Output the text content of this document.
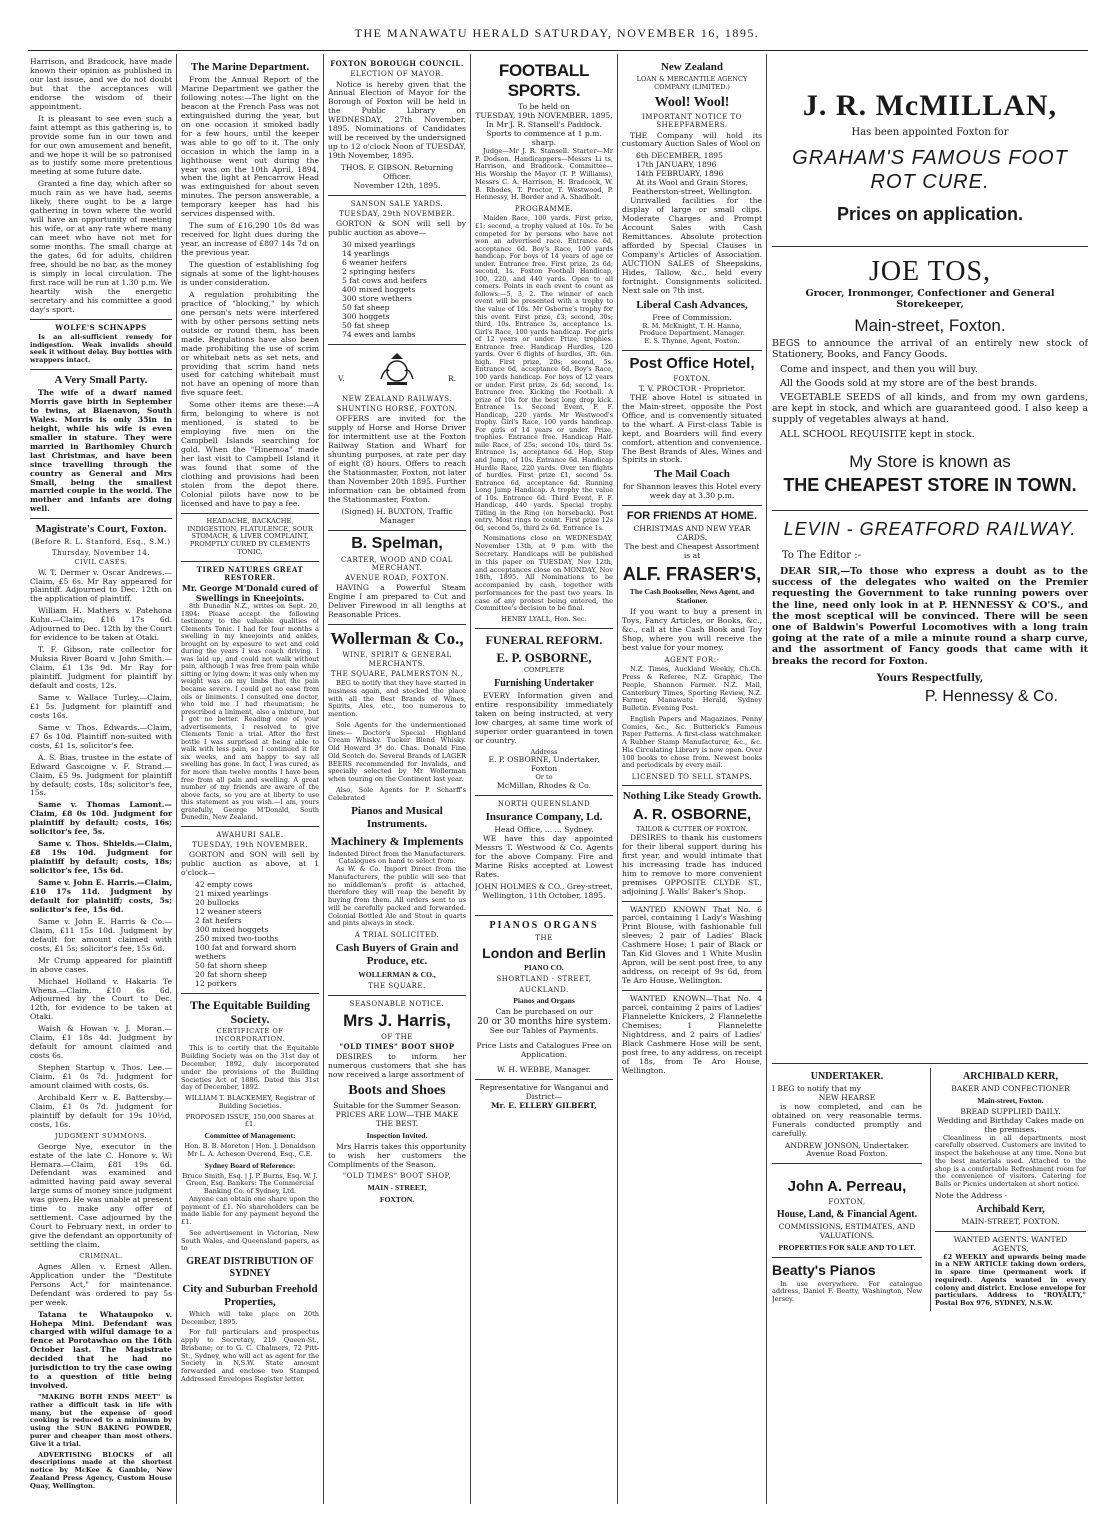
THE MANAWATU HERALD SATURDAY, NOVEMBER 16, 1895.

Harrison, and Bradcock, have made known their opinion as published in our last issue, and we do not doubt but that the acceptances will endorse the wisdom of their appointment.

It is pleasant to see even such a faint attempt as this gathering is, to provide some fun in our town and for our own amusement and benefit, and we hope it will be so patronised as to justify some more pretentious meeting at some future date.

Granted a fine day, which after so much rain as we have had, seems likely, there ought to be a large gathering in town where the world will have an opportunity of meeting his wife, or at any rate where many can meet who have not met for some months. The small charge at the gates, 6d for adults, children free, should be no bar, as the money is simply in local circulation. The first race will be run at 1.30 p.m. We heartily wish the energetic secretary and his committee a good day's sport.

WOLFE'S SCHNAPPS

Is an all-sufficient remedy for indigestion. Weak invalids should seek it without delay. Buy bottles with wrappers intact.

A Very Small Party.

The wife of a dwarf named Morris gave birth in September to twins, at Blaenavon, South Wales. Morris is only 35in in height, while his wife is even smaller in stature. They were married in Barthomley Church last Christmas, and have been since travelling through the country as General and Mrs Small, being the smallest married couple in the world. The mother and infants are doing well.

Magistrate's Court, Foxton.
(Before R. L. Stanford, Esq., S.M.)
Thursday, November 14.
CIVIL CASES.

W. T. Dermer v. Oscar Andrews.—Claim, £5 6s. Mr Ray appeared for plaintiff. Adjourned to Dec. 12th on the application of plaintiff.

William H. Mathers v. Patehona Kuhu.—Claim, £16 17s 6d. Adjourned to Dec. 12th by the Court for evidence to be taken at Otaki.

T. F. Gibson, rate collector for Muksia River Board v. John Smith.—Claim, £1 13s 9d. Mr Ray for plaintiff. Judgment for plaintiff by default and costs, 12s.

Same v. Wallace Turley.—Claim, £1 5s. Judgment for plaintiff and costs 16s.

Same v. Thos. Edwards.—Claim, £7 6s 10d. Plaintiff non-suited with costs, £1 1s, solicitor's fee.

A. S. Bias, trustee in the estate of Edward Gascoigne v. F. Strand.—Claim, £5 9s. Judgment for plaintiff by default; costs, 18s; solicitor's fee, 15s.

Same v. Thomas Lamont.—Claim, £8 0s 10d. Judgment for plaintiff by default; costs, 16s; solicitor's fee, 5s.

Same v. Thos. Shields.—Claim, £8 19s 10d. Judgment for plaintiff by default; costs, 18s; solicitor's fee, 15s 6d.

Same v. John E. Harris.—Claim, £10 17s 11d. Judgment by default for plaintiff; costs, 5s; solicitor's fee, 15s 6d.

Same v. John E. Harris & Co.—Claim, £11 15s 10d. Judgment by default for amount claimed with costs, £1 5s; solicitor's fee, 15s 6d.

Mr Crump appeared for plaintiff in above cases.

Michael Holland v. Hakaria Te Whena.—Claim, £10 6s 6d. Adjourned by the Court to Dec. 12th, for evidence to be taken at Otaki.

Walsh & Howan v. J. Moran.—Claim, £1 18s 4d. Judgment by default for amount claimed and costs 6s.

Stephen Startup v. Thos. Lee.—Claim, £1 0s 7d. Judgment for amount claimed with costs, 6s.

Archibald Kerr v. E. Battersby.—Claim, £1 0s 7d. Judgment for plaintiff by default for 19s 10½d, costs, 16s.

JUDGMENT SUMMONS.

George Nye, executor in the estate of the late C. Honore v. Wi Hemara.—Claim, £81 19s 6d. Defendant was examined and admitted having paid away several large sums of money since judgment was given. He was unable at present time to make any offer of settlement. Case adjourned by the Court to February next, in order to give the defendant an opportunity of settling the claim.

CRIMINAL.

Agnes Allen v. Ernest Allen. Application under the "Destitute Persons Act," for maintenance. Defendant was ordered to pay 5s per week.

Tatana te Whataupoko v. Hohepa Mini. Defendant was charged with wilful damage to a fence at Porotawhao on the 16th October last. The Magistrate decided that he had no jurisdiction to try the case owing to a question of title being involved.

"MAKING BOTH ENDS MEET" is rather a difficult task in life with many, but the expense of good cooking is reduced to a minimum by using the SUN BAKING POWDER, purer and cheaper than most others. Give it a trial.

ADVERTISING BLOCKS of all descriptions made at the shortest notice by McKee & Gamble, New Zealand Press Agency, Custom House Quay, Wellington.

The Marine Department.

From the Annual Report of the Marine Department we gather the following notes:—The light on the beacon at the French Pass was not extinguished during the year, but on one occasion it smoked badly for a few hours, until the keeper was able to go off to it. The only occasion in which the lamp in a lighthouse went out during the year was on the 10th April, 1894, when the light at Pencarrow Head was extinguished for about seven minutes. The person answerable, a temporary keeper has had his services dispensed with.

The sum of £16,290 10s 8d was received for light dues during the year, an increase of £807 14s 7d on the previous year.

The question of establishing fog signals at some of the light-houses is under consideration.

A regulation prohibiting the practice of "blocking," by which one person's nets were interfered with by other persons setting nets outside or round them, has been made. Regulations have also been made prohibiting the use of scrim or whitebait nets as set nets, and providing that scrim hand nets used for catching whitebait must not have an opening of more than five square feet.

Some other items are these:—A firm, belonging to where is not mentioned, is stated to be employing five men on the Campbell Islands searching for gold. When the "Hinemoa" made her last visit to Campbell Island it was found that some of the clothing and provisions had been stolen from the depot there. Colonial pilots have now to be licensed and have to pay a fee.

HEADACHE, BACKACHE, INDIGESTION, FLATULENCE, SOUR STOMACH, & LIVER COMPLAINT, PROMPTLY CURED BY CLEMENTS TONIC.
TIRED NATURES GREAT RESTORER.
Mr. George M'Donald cured of Swellings in Kneejoints.

8th Dunedin N.Z., writes on Sept. 20, 1894: Please accept the following testimony to the valuable qualities of Clements Tonic. I had for four months a swelling in my kneejoints and ankles, brought on by exposure to wet and cold during the years I was coach driving. I was laid up, and could not walk without pain, although I was free from pain while sitting or lying down; it was only when my weight was on my limbs that the pain became severe. I could get no ease from oils or liniments. I consulted one doctor, who told me I had rheumatism; he prescribed a liniment, also a mixture, but I got no better. Reading one of your advertisements, I resolved to give Clements Tonic a trial. After the first bottle I was surprised at being able to walk with less pain, so I continued it for six weeks, and am happy to say all swelling has gone. In fact, I was cured, as for more than twelve months I have been free from all pain and swelling. A great number of my friends are aware of the above facts, so you are at liberty to use this statement as you wish.—I am, yours gratefully, George M'Donald, South Dunedin, New Zealand.

AWAHURI SALE.
TUESDAY, 19th NOVEMBER.

GORTON and SON will sell by public auction as above, at 1 o'clock—

42 empty cows
21 mixed yearlings
20 bullocks
12 weaner steers
2 fat heifers
300 mixed hoggets
250 mixed two-tooths
100 fat and forward shorn wethers
50 fat shorn sheep
20 fat shorn sheep
12 porkers
The Equitable Building Society.
CERTIFICATE OF INCORPORATION.

This is to certify that the Equitable Building Society was on the 31st day of December, 1892, duly incorporated under the provisions of the Building Societies Act of 1886. Dated this 31st day of December, 1892.

WILLIAM T. BLACKEMEY, Registrar of Building Societies.
PROPOSED ISSUE, 150,000 Shares at £1.
Committee of Management:
Hon. B. B. Moreton | Hon. J. Donaldson Mr L. A. Acheson Overend, Esq., C.E.
Sydney Board of Reference:
Bruce Smith, Esq. | J. P. Burns, Esq. W. J. Green, Esq. Bankers: The Commercial Banking Co. of Sydney, Ltd.

Anyone can obtain one share upon the payment of £1. No shareholders can be made liable for any payment beyond the £1.

See advertisement in Victorian, New South Wales, and Queensland papers, as to

GREAT DISTRIBUTION OF SYDNEY
City and Suburban Freehold Properties,

Which will take place on 20th December, 1895.

For full particulars and prospectus apply to Secretary, 219 Queen-St., Brisbane; or to G. C. Chalmers, 72 Pitt-St., Sydney, who will act as agent for the Society in N.S.W. State amount forwarded and enclose two Stamped Addressed Envelopes Register letter.

FOXTON BOROUGH COUNCIL.
ELECTION OF MAYOR.

Notice is hereby given that the Annual Election of Mayor for the Borough of Foxton will be held in the Public Library on WEDNESDAY, 27th November, 1895. Nominations of Candidates will be received by the undersigned up to 12 o'clock Noon of TUESDAY, 19th November, 1895.

THOS. F. GIBSON. Returning Officer.
November 12th, 1895.
SANSON SALE YARDS.
TUESDAY, 29th NOVEMBER.

GORTON & SON will sell by public auction as above—

30 mixed yearlings
14 yearlings
6 weaner heifers
2 springing heifers
5 fat cows and heifers
400 mixed hoggets
300 store wethers
50 fat sheep
300 hoggets
50 fat sheep
74 ewes and lambs
V.	R.
NEW ZEALAND RAILWAYS.
SHUNTING HORSE, FOXTON.

OFFERS are invited for the supply of Horse and Horse Driver for intermittent use at the Foxton Railway Station and Wharf for shunting purposes, at rate per day of eight (8) hours. Offers to reach the Stationmaster, Foxton, not later than November 20th 1895. Further information can be obtained from the Stationmaster, Foxton.

(Signed) H. BUXTON, Traffic Manager
B. Spelman,
CARTER, WOOD AND COAL MERCHANT.
AVENUE ROAD, FOXTON.

HAVING a Powerful Steam Engine I am prepared to Cut and Deliver Firewood in all lengths at Reasonable Prices.

Wollerman & Co.,
WINE, SPIRIT & GENERAL MERCHANTS.
THE SQUARE, PALMERSTON N.,

BEG to notify that they have started in business again, and stocked the place with all the Best Brands of Wines, Spirits, Ales, etc., too numerous to mention.

Sole Agents for the undermentioned lines:— Doctor's Special Highland Cream Whisky. Tucker Blend Whisky. Old Howard 3* do. Chas. Donald Fine Old Scotch do. Several Brands of LAGER BEERS recommended for Invalids, and specially selected by Mr Wollerman when touring on the Continent last year.

Also, Sole Agents for P. Scharff's Celebrated

Pianos and Musical Instruments.
Machinery & Implements
Indented Direct from the Manufacturers. Catalogues on hand to select from.

As W. & Co. Import Direct from the Manufacturers, the public will see that no middleman's profit is attached, therefore they will reap the benefit by buying from them. All orders sent to us will be carefully packed and forwarded. Colonial Bottled Ale and Stout in quarts and pints always in stock.

A TRIAL SOLICITED.
Cash Buyers of Grain and Produce, etc.
WOLLERMAN & CO.,
THE SQUARE.
SEASONABLE NOTICE.
Mrs J. Harris,
OF THE
"OLD TIMES" BOOT SHOP

DESIRES to inform her numerous customers that she has now received a large assortment of

Boots and Shoes
Suitable for the Summer Season.
PRICES ARE LOW—THE MAKE THE BEST.
Inspection Invited.

Mrs Harris takes this opportunity to wish her customers the Compliments of the Season.

"OLD TIMES" BOOT SHOP,
MAIN - STREET,
FOXTON.
FOOTBALL SPORTS.
To be held on
TUESDAY, 19th NOVEMBER, 1895,
In Mr J. R. Stansell's Paddock.
Sports to commence at 1 p.m. sharp.

Judge—Mr J. R. Stansell. Starter—Mr P. Dodson. Handicappers—Messrs Li ts, Harrison, and Bradcock. Committee—His Worship the Mayor (T. P. Williams), Messrs C. A. Harrison, H. Bradcock, W. B. Rhodes, T. Proctor, T. Westwood, P. Hennessy, H. Border and A. Shadbolt.

PROGRAMME.

Maiden Race, 100 yards. First prize, £1; second, a trophy valued at 10s. To be competed for by persons who have not won an advertised race. Entrance 6d, acceptance 6d. Boy's Race, 100 yards handicap. For boys of 14 years of age or under. Entrance free. First prize, 2s 6d; second, 1s. Foxton Football Handicap, 100, 220, and 440 yards. Open to all comers. Points in each event to count as follows:—5, 3, 2. The winner of each event will be presented with a trophy to the value of 10s. Mr Osborne's trophy for this event. First prize, £3; second, 30s; third, 10s. Entrance 3s, acceptance 1s. Girl's Race, 100 yards handicap. For girls of 12 years or under. Prize, trophies. Entrance free. Handicap Hurdles, 120 yards. Over 6 flights of hurdles, 3ft. 6in. high. First prize, 20s; second, 5s. Entrance 6d, acceptance 6d. Boy's Race, 100 yards handicap. For boys of 12 years or under. First prize, 2s 6d; second, 1s. Entrance free. Kicking the Football. A prize of 10s for the best long drop kick. Entrance 1s. Second Event, F. F. Handicap, 220 yards. Mr Westwood's trophy. Girl's Race, 100 yards handicap. For girls of 14 years or under. Prize, trophies. Entrance free. Handicap Half-mile Race, of 25s; second 10s, third 5s. Entrance 1s, acceptance 6d. Hop, Step and Jump, of 10s. Entrance 6d. Handicap Hurdle Race, 220 yards. Over ten flights of hurdles. First prize £1, second 5s. Entrance 6d, acceptance 6d. Running Long Jump Handicap. A trophy the value of 10s. Entrance 6d. Third Event, F. F. Handicap, 440 yards. Special trophy. Tilting in the Ring (on horseback). Post entry. Most rings to count. First prize 12s 6d, second 5s, third 2s 6d. Entrance 1s.

Nominations close on WEDNESDAY, November 13th, at 9 p.m. with the Secretary. Handicaps will be published in this paper on TUESDAY, Nov 12th, and acceptances close on MONDAY, Nov 18th, 1895. All Nominations to be accompanied by cash, together with performances for the past two years. In case of any protest being entered, the Committee's decision to be final.

HENRY LYALL, Hon. Sec.
FUNERAL REFORM.
E. P. OSBORNE,
COMPLETE
Furnishing Undertaker

EVERY Information given and entire responsibility immediately taken on being instructed, at very low charges, at same time work of superior order guaranteed in town or country.

Address
E. P. OSBORNE, Undertaker, Foxton
Or to
McMillan, Rhodes & Co.
NORTH QUEENSLAND
Insurance Company, Ld.
Head Office, ... ... Sydney.

WE have this day appointed Messrs T. Westwood & Co. Agents for the above Company. Fire and Marine Risks accepted at Lowest Rates.

JOHN HOLMES & CO., Grey-street, Wellington, 11th October, 1895.
PIANOS ORGANS
THE
London and Berlin
PIANO CO.
SHORTLAND - STREET,
AUCKLAND.
Pianos and Organs
Can be purchased on our
20 or 30 months hire system.
See our Tables of Payments.
Price Lists and Catalogues Free on Application.
W. H. WEBBE, Manager.
Representative for Wanganui and District—
Mr. E. ELLERY GILBERT,
New Zealand
LOAN & MERCANTILE AGENCY COMPANY (LIMITED.)
Wool! Wool!
IMPORTANT NOTICE TO SHEEPFARMERS.

THE Company will hold its customary Auction Sales of Wool on

6th DECEMBER, 1895
17th JANUARY, 1896
14th FEBRUARY, 1896
At its Wool and Grain Stores, Featherston-street, Wellington.

Unrivalled facilities for the display of large or small clips. Moderate Charges and Prompt Account Sales with Cash Remittances. Absolute protection afforded by Special Clauses in Company's Articles of Association. AUCTION SALES of Sheepskins, Hides, Tallow, &c., held every fortnight. Consignments solicited. Next sale on 7th inst.

Liberal Cash Advances,
Free of Commission.
R. M. McKnight, T. H. Hanna,
Produce Department. Manager.
E. S. Thynne, Agent, Foxton.
Post Office Hotel,
FOXTON.
T. V. PROCTOR - Proprietor.

THE above Hotel is situated in the Main-street, opposite the Post Office, and is conveniently situated to the wharf. A First-class Table is kept, and Boarders will find every comfort, attention and convenience. The Best Brands of Ales, Wines and Spirits in stock.

The Mail Coach
for Shannon leaves this Hotel every week day at 3.30 p.m.
FOR FRIENDS AT HOME.
CHRISTMAS AND NEW YEAR CARDS.
The best and Cheapest Assortment is at
ALF. FRASER'S,
The Cash Bookseller, News Agent, and Stationer.

If you want to buy a present in Toys, Fancy Articles, or Books, &c., &c., call at the Cash Book and Toy Shop, where you will receive the best value for your money.

AGENT FOR:-

N.Z. Times, Auckland Weekly, Ch.Ch. Press & Referee, N.Z. Graphic, The People, Shannon Farmer. N.Z. Mail, Canterbury Times, Sporting Review, N.Z. Farmer, Manawatu Herald, Sydney Bulletin. Evening Post.

English Papers and Magazines, Penny Comics, &c., &c. Butterick's Famous Paper Patterns. A first-class watchmaker. A Rubber Stamp Manufacturer, &c., &c. His Circulating Library is now open. Over 100 books to chose from. Newest books and periodicals by every mail.

LICENSED TO SELL STAMPS.
Nothing Like Steady Growth.
A. R. OSBORNE,
TAILOR & CUTTER OF FOXTON.

DESIRES to thank his customers for their liberal support during his first year, and would intimate that his increasing trade has induced him to remove to more convenient premises OPPOSITE CLYDE ST., adjoining J. Walls' Baker's Shop.

WANTED KNOWN That No. 6 parcel, containing 1 Lady's Washing Print Blouse, with fashionable full sleeves; 2 pair of Ladies' Black Cashmere Hose; 1 pair of Black or Tan Kid Gloves and 1 White Muslin Apron, will be sent post free, to any address, on receipt of 9s 6d, from Te Aro House, Wellington.

WANTED KNOWN—That No. 4 parcel, containing 2 pairs of Ladies' Flannelette Knickers, 2 Flannelette Chemises; 1 Flannelette Nightdress, and 2 pairs of Ladies' Black Cashmere Hose will be sent, post free, to any address, on receipt of 18s, from Te Aro House, Wellington.

J. R. McMILLAN,
Has been appointed Foxton for
GRAHAM'S FAMOUS FOOT ROT CURE.
Prices on application.
JOE TOS,
Grocer, Ironmonger, Confectioner and General Storekeeper,
Main-street, Foxton.

BEGS to announce the arrival of an entirely new stock of Stationery, Books, and Fancy Goods.

Come and inspect, and then you will buy.

All the Goods sold at my store are of the best brands.

VEGETABLE SEEDS of all kinds, and from my own gardens, are kept in stock, and which are guaranteed good. I also keep a supply of vegetables always at hand.

ALL SCHOOL REQUISITE kept in stock.

My Store is known as
THE CHEAPEST STORE IN TOWN.
LEVIN - GREATFORD RAILWAY.
To The Editor :-

DEAR SIR,—To those who express a doubt as to the success of the delegates who waited on the Premier requesting the Government to take running powers over the line, need only look in at P. HENNESSY & CO'S., and the most sceptical will be convinced. There will be seen one of Baldwin's Powerful Locomotives with a long train going at the rate of a mile a minute round a sharp curve, and the assortment of Fancy goods that came with it breaks the record for Foxton.

Yours Respectfully,
P. Hennessy & Co.
UNDERTAKER.
I BEG to notify that my
NEW HEARSE

is now completed, and can be obtained on very reasonable terms. Funerals conducted promptly and carefully.

ANDREW JONSON, Undertaker. Avenue Road Foxton.
John A. Perreau,
FOXTON,
House, Land, & Financial Agent.
COMMISSIONS, ESTIMATES, AND VALUATIONS.
PROPERTIES FOR SALE AND TO LET.
Beatty's Pianos

In use everywhere. For catalogue address, Daniel F. Beatty, Washington, New Jersey.

ARCHIBALD KERR,
BAKER AND CONFECTIONER
Main-street, Foxton.
BREAD SUPPLIED DAILY.
Wedding and Birthday Cakes made on the premises.

Cleanliness in all departments most carefully observed. Customers are invited to inspect the bakehouse at any time. None but the best materials used. Attached to the shop is a comfortable Refreshment room for the convenience of visitors. Catering for Balls or Picnics undertaken at short notice.

Note the Address -
Archibald Kerr,
MAIN-STREET, FOXTON.
WANTED AGENTS. WANTED AGENTS.

£2 WEEKLY and upwards being made in a NEW ARTICLE taking down orders, in spare time (permanent work if required). Agents wanted in every colony and district. Enclose envelope for particulars. Address to "ROYALTY," Postal Box 976, SYDNEY, N.S.W.
